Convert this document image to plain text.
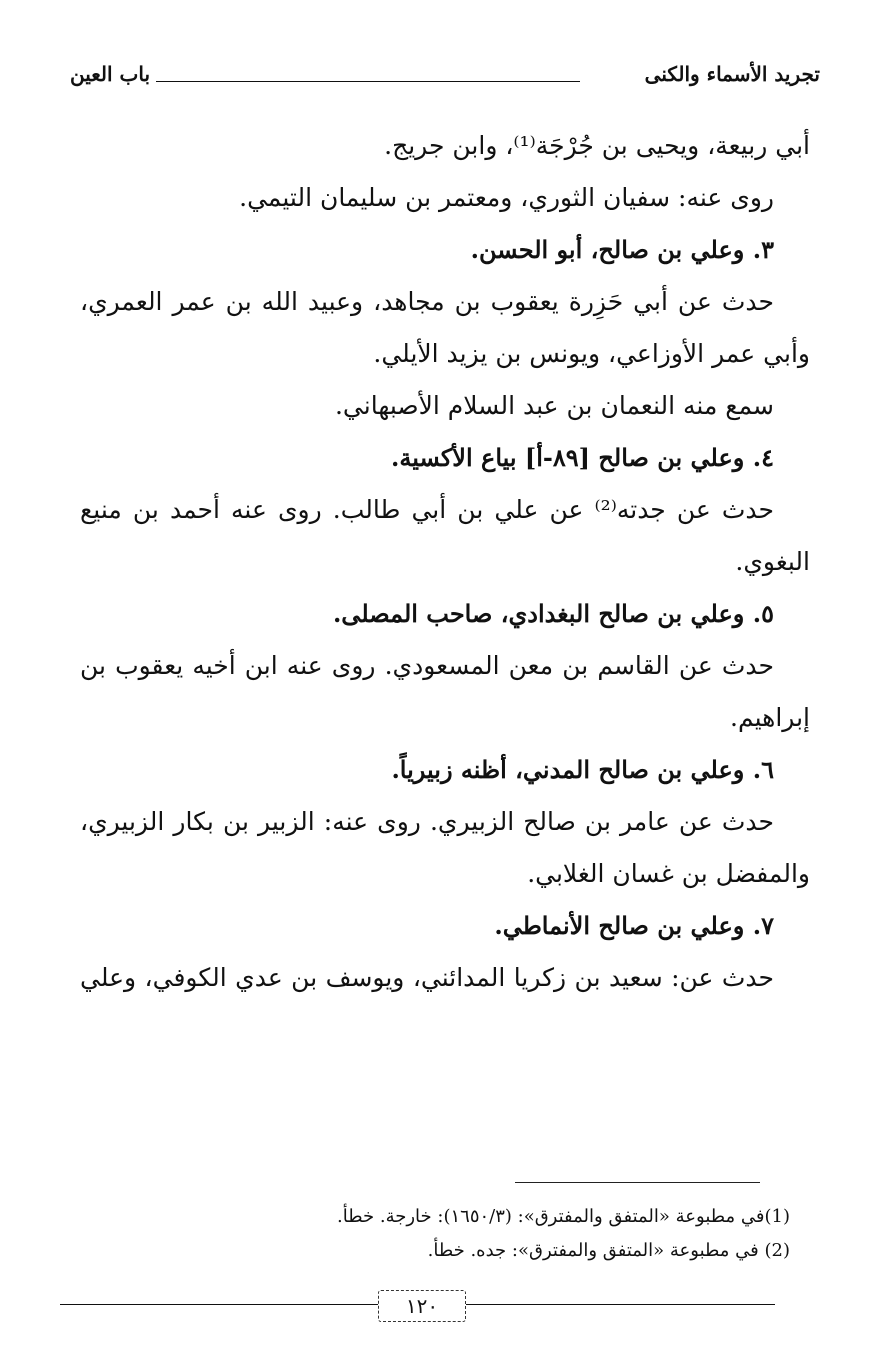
تجريد الأسماء والكنى
باب العين
أبي ربيعة، ويحيى بن جُرْجَة⁽¹⁾، وابن جريج.
روى عنه: سفيان الثوري، ومعتمر بن سليمان التيمي.
٣. وعلي بن صالح، أبو الحسن.
حدث عن أبي حَزِرة يعقوب بن مجاهد، وعبيد الله بن عمر العمري،
وأبي عمر الأوزاعي، ويونس بن يزيد الأيلي.
سمع منه النعمان بن عبد السلام الأصبهاني.
٤. وعلي بن صالح [٨٩-أ] بياع الأكسية.
حدث عن جدته⁽²⁾ عن علي بن أبي طالب. روى عنه أحمد بن منيع
البغوي.
٥. وعلي بن صالح البغدادي، صاحب المصلى.
حدث عن القاسم بن معن المسعودي. روى عنه ابن أخيه يعقوب بن
إبراهيم.
٦. وعلي بن صالح المدني، أظنه زبيرياً.
حدث عن عامر بن صالح الزبيري. روى عنه: الزبير بن بكار الزبيري،
والمفضل بن غسان الغلابي.
٧. وعلي بن صالح الأنماطي.
حدث عن: سعيد بن زكريا المدائني، ويوسف بن عدي الكوفي، وعلي
(1)في مطبوعة «المتفق والمفترق»: (١٦٥٠/٣): خارجة. خطأ.
(2) في مطبوعة «المتفق والمفترق»: جده. خطأ.
١٢٠
